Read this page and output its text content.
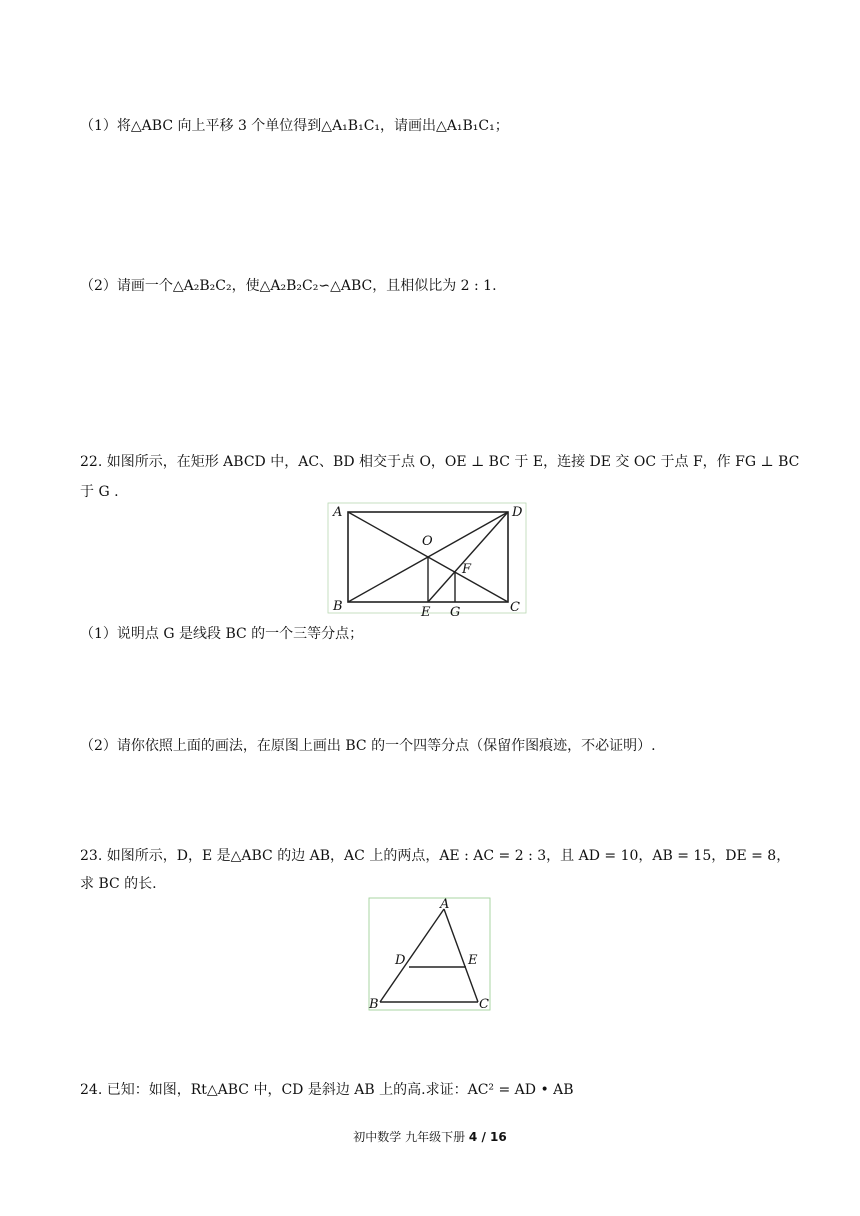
（1）将△ABC 向上平移 3 个单位得到△A₁B₁C₁，请画出△A₁B₁C₁；
（2）请画一个△A₂B₂C₂，使△A₂B₂C₂∽△ABC，且相似比为 2 : 1.
22. 如图所示，在矩形 ABCD 中，AC、BD 相交于点 O，OE ⊥ BC 于 E，连接 DE 交 OC 于点 F，作 FG ⊥ BC
于 G .
A	D
B	C
O
F
E G
（1）说明点 G 是线段 BC 的一个三等分点；
（2）请你依照上面的画法，在原图上画出 BC 的一个四等分点（保留作图痕迹，不必证明）.
23. 如图所示，D，E 是△ABC 的边 AB，AC 上的两点，AE : AC = 2 : 3，且 AD = 10，AB = 15，DE = 8，
求 BC 的长.
A
D	E
B	C
24. 已知：如图，Rt△ABC 中，CD 是斜边 AB 上的高.求证：AC² = AD • AB
初中数学 九年级下册 4 / 16
